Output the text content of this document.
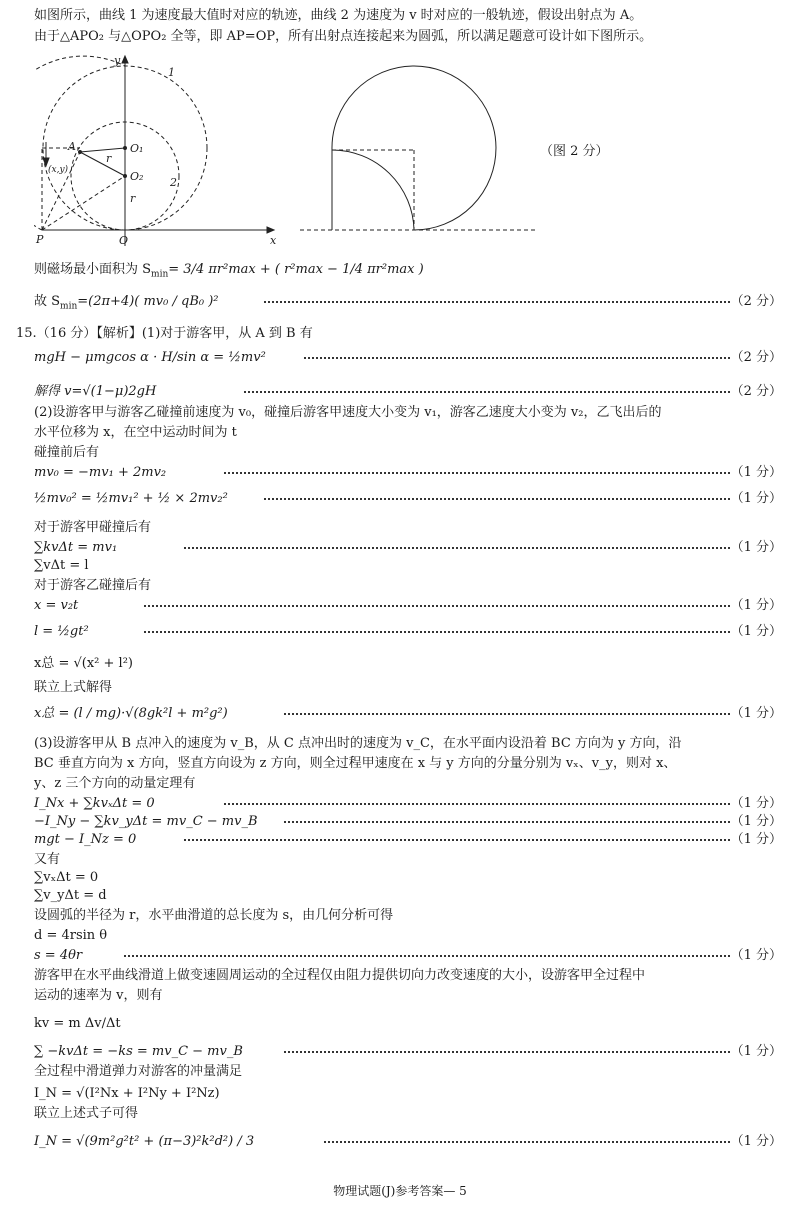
如图所示，曲线 1 为速度最大值时对应的轨迹，曲线 2 为速度为 v 时对应的一般轨迹，假设出射点为 A。
由于△APO₂ 与△OPO₂ 全等，即 AP=OP，所有出射点连接起来为圆弧，所以满足题意可设计如下图所示。
y
x
1
2
O₁
O₂
A
(x,y)
r
r
P	O
（图 2 分）
则磁场最小面积为 $S_{min}= 3/4$ πr²max + ( r²max − 1/4 πr²max )
故 $S_{min}=(2\pi+4)$( mv₀ / qB₀ )²	（2 分）
15.（16 分）【解析】(1)对于游客甲，从 A 到 B 有
mgH − μmgcos α · H/sin α = ½mv²	（2 分）
解得 v=√(1−μ)2gH	（2 分）
(2)设游客甲与游客乙碰撞前速度为 v₀，碰撞后游客甲速度大小变为 v₁，游客乙速度大小变为 v₂，乙飞出后的
水平位移为 x，在空中运动时间为 t
碰撞前后有
mv₀ = −mv₁ + 2mv₂	（1 分）
½mv₀² = ½mv₁² + ½ × 2mv₂²	（1 分）
对于游客甲碰撞后有
∑kvΔt = mv₁	（1 分）
∑vΔt = l
对于游客乙碰撞后有
x = v₂t	（1 分）
l = ½gt²	（1 分）
x总 = √(x² + l²)
联立上式解得
x总 = (l / mg)·√(8gk²l + m²g²)	（1 分）
(3)设游客甲从 B 点冲入的速度为 v_B，从 C 点冲出时的速度为 v_C，在水平面内设沿着 BC 方向为 y 方向，沿
BC 垂直方向为 x 方向，竖直方向设为 z 方向，则全过程甲速度在 x 与 y 方向的分量分别为 vₓ、v_y，则对 x、
y、z 三个方向的动量定理有
I_Nx + ∑kvₓΔt = 0	（1 分）
−I_Ny − ∑kv_yΔt = mv_C − mv_B	（1 分）
mgt − I_Nz = 0	（1 分）
又有
∑vₓΔt = 0
∑v_yΔt = d
设圆弧的半径为 r，水平曲滑道的总长度为 s，由几何分析可得
d = 4rsin θ
s = 4θr	（1 分）
游客甲在水平曲线滑道上做变速圆周运动的全过程仅由阻力提供切向力改变速度的大小，设游客甲全过程中
运动的速率为 v，则有
kv = m Δv/Δt
∑ −kvΔt = −ks = mv_C − mv_B	（1 分）
全过程中滑道弹力对游客的冲量满足
I_N = √(I²Nx + I²Ny + I²Nz)
联立上述式子可得
I_N = √(9m²g²t² + (π−3)²k²d²) / 3	（1 分）
物理试题(J)参考答案— 5
